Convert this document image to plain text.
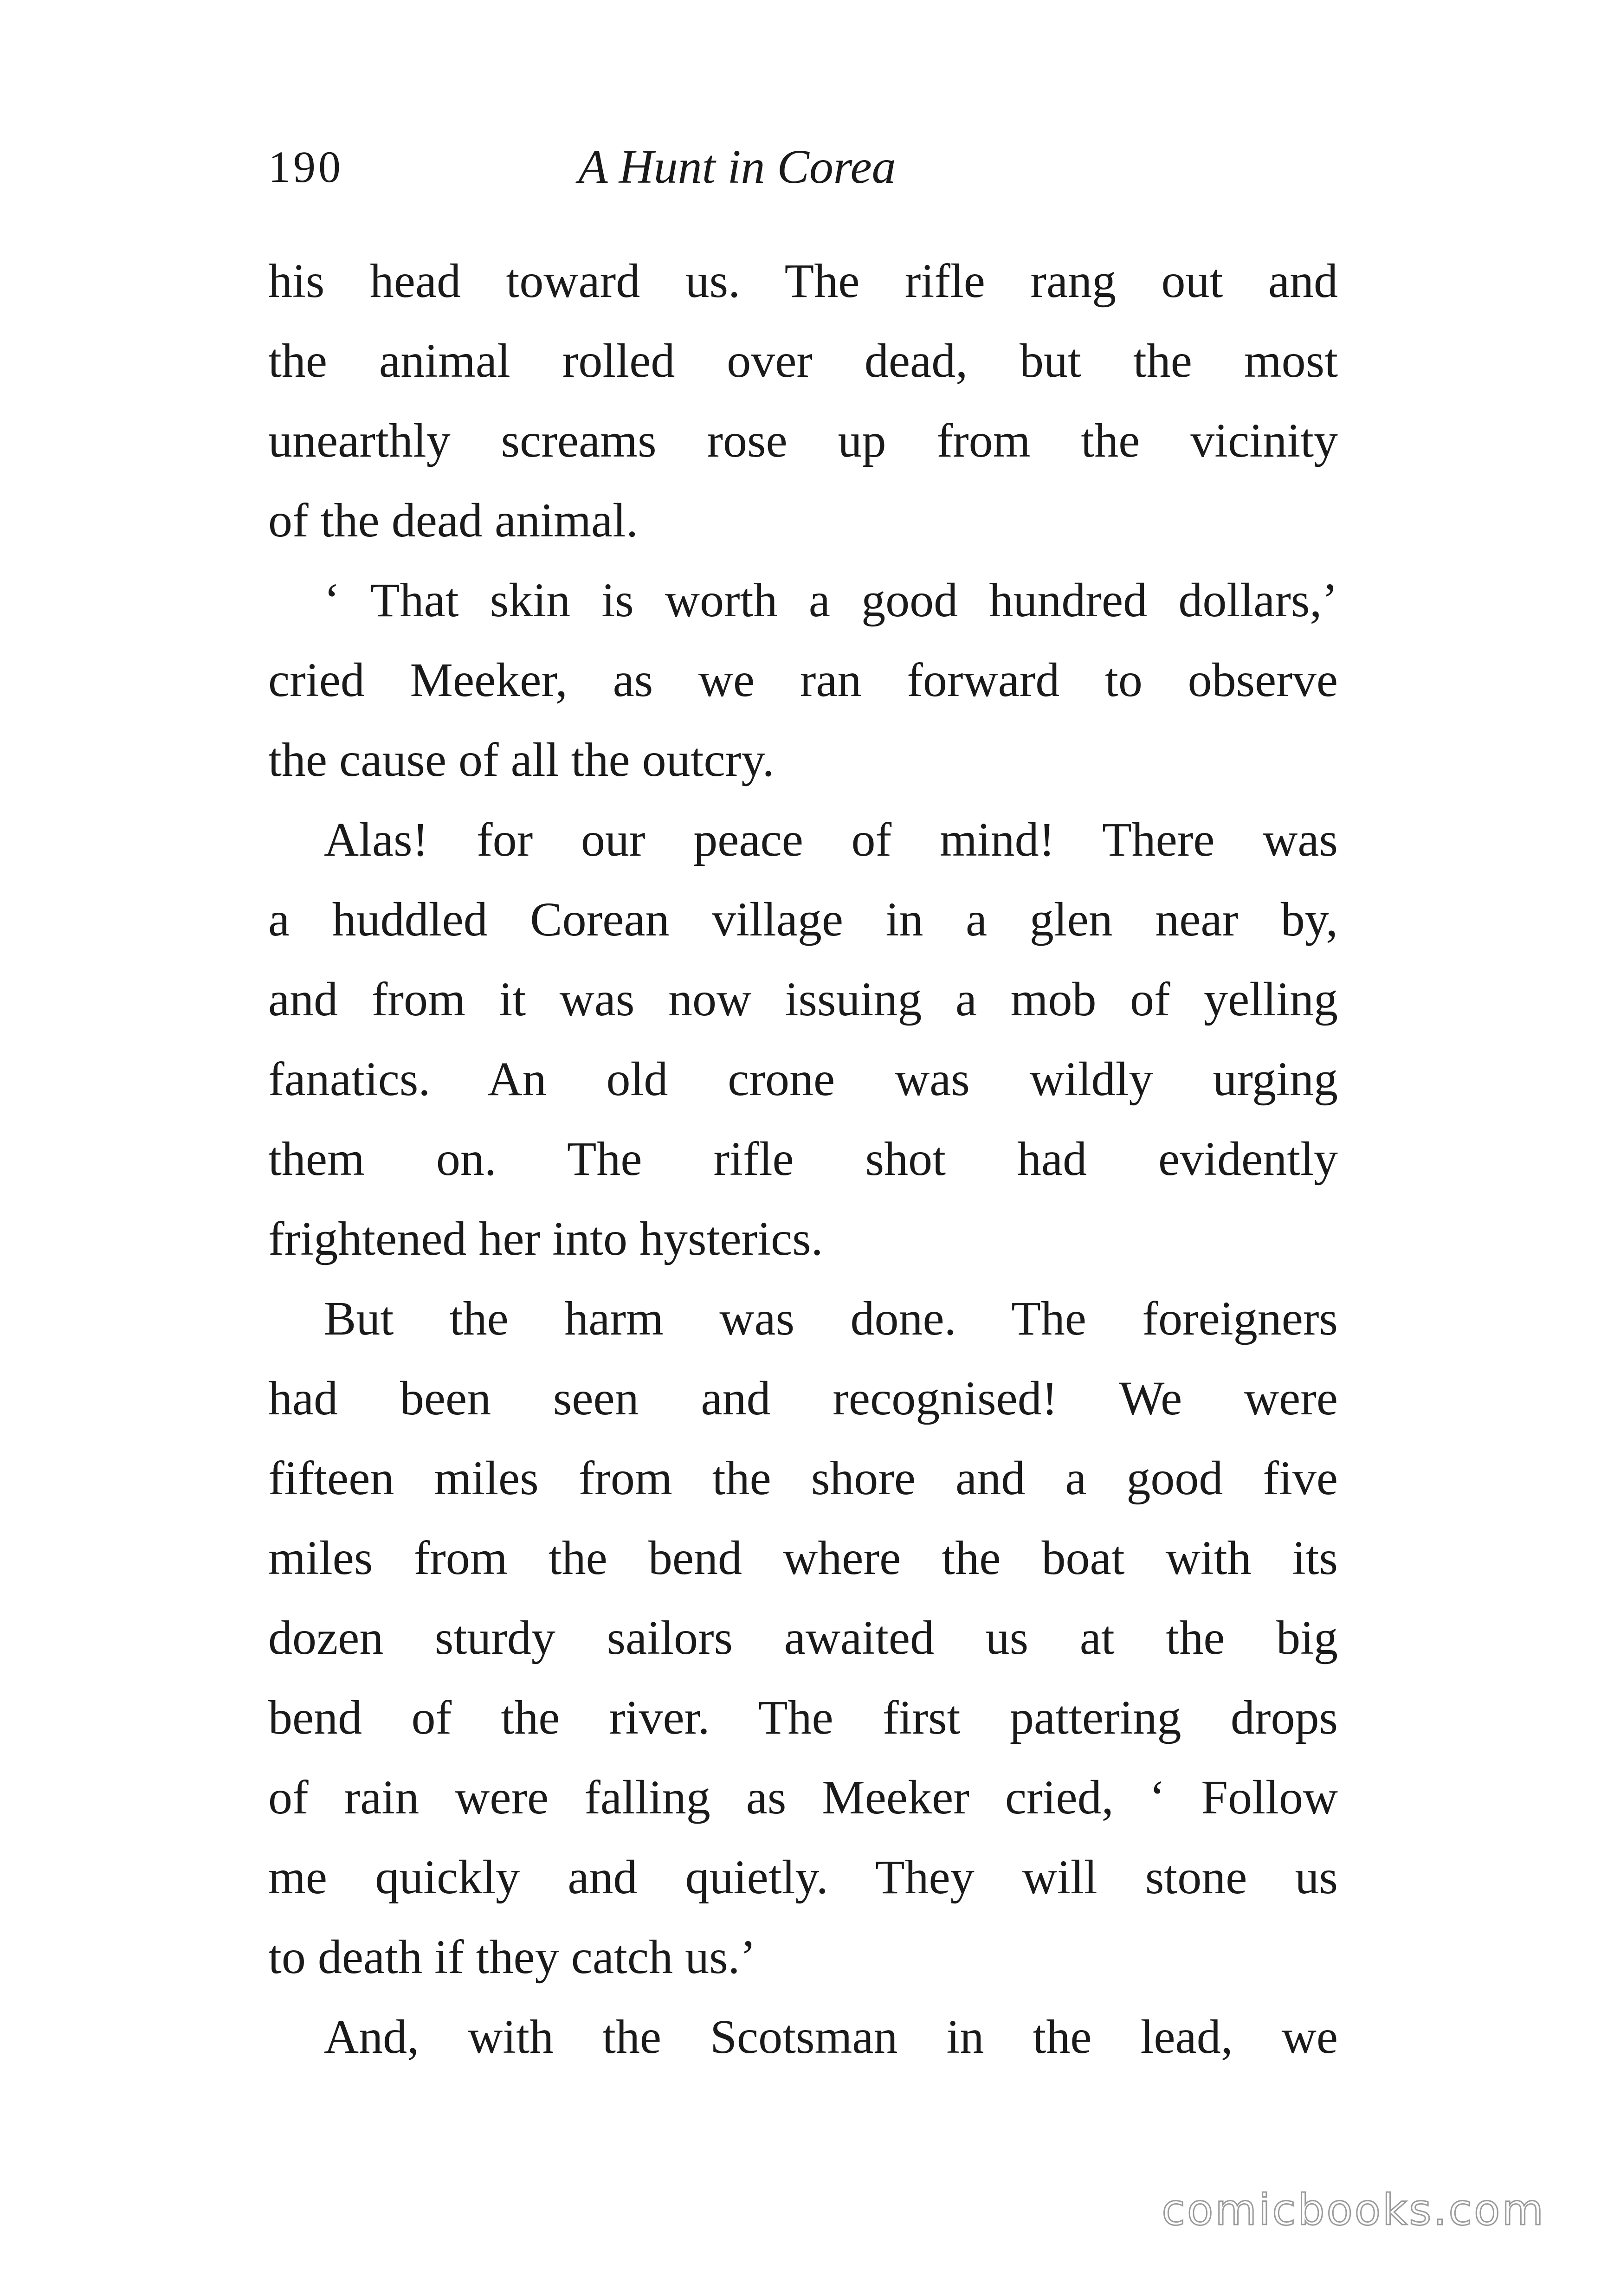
190	A Hunt in Corea
his head toward us. The rifle rang out and
the animal rolled over dead, but the most
unearthly screams rose up from the vicinity
of the dead animal.
‘ That skin is worth a good hundred dollars,’
cried Meeker, as we ran forward to observe
the cause of all the outcry.
Alas! for our peace of mind! There was
a huddled Corean village in a glen near by,
and from it was now issuing a mob of yelling
fanatics. An old crone was wildly urging
them on. The rifle shot had evidently
frightened her into hysterics.
But the harm was done. The foreigners
had been seen and recognised! We were
fifteen miles from the shore and a good five
miles from the bend where the boat with its
dozen sturdy sailors awaited us at the big
bend of the river. The first pattering drops
of rain were falling as Meeker cried, ‘ Follow
me quickly and quietly. They will stone us
to death if they catch us.’
And, with the Scotsman in the lead, we
comicbooks.com
